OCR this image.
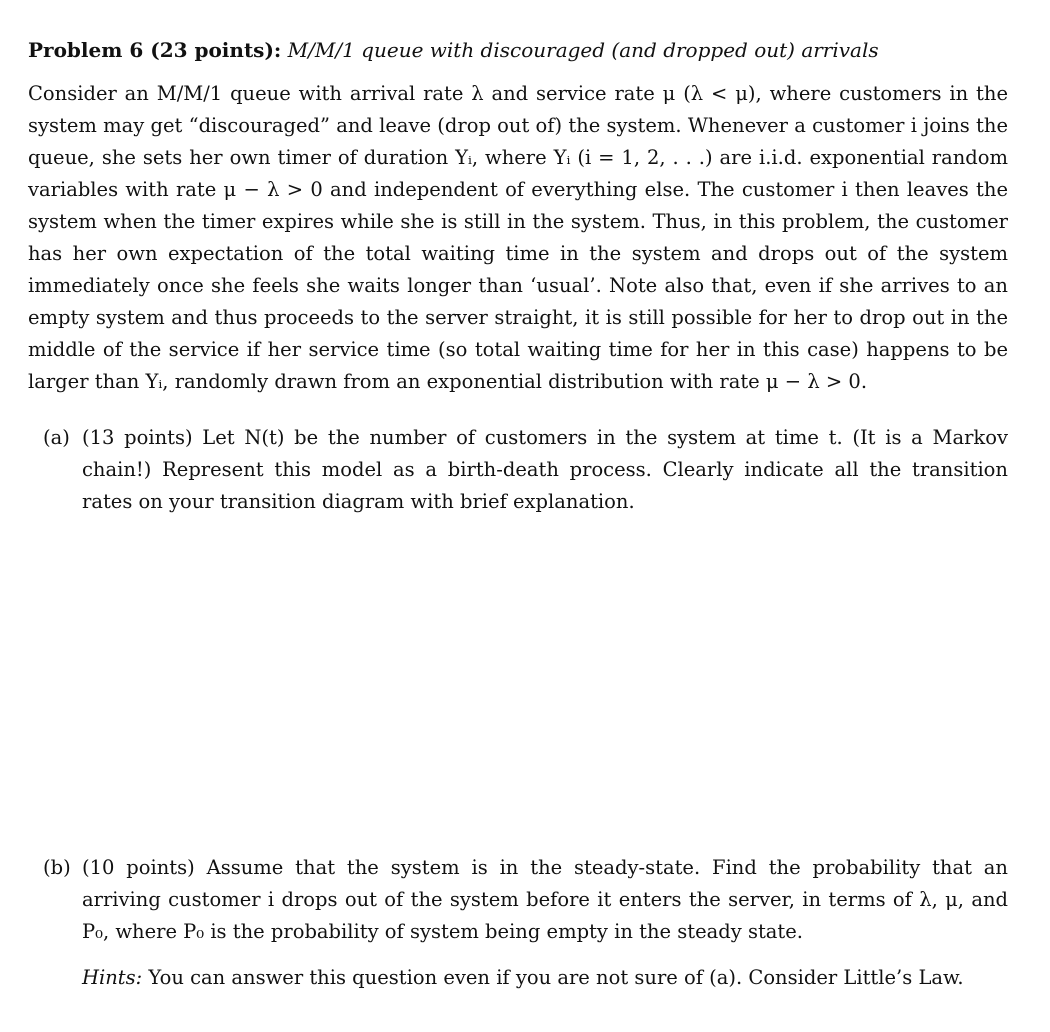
Problem 6 (23 points): M/M/1 queue with discouraged (and dropped out) arrivals
Consider an M/M/1 queue with arrival rate λ and service rate μ (λ < μ), where customers in the system may get “discouraged” and leave (drop out of) the system. Whenever a customer i joins the queue, she sets her own timer of duration Yᵢ, where Yᵢ (i = 1, 2, . . .) are i.i.d. exponential random variables with rate μ − λ > 0 and independent of everything else. The customer i then leaves the system when the timer expires while she is still in the system. Thus, in this problem, the customer has her own expectation of the total waiting time in the system and drops out of the system immediately once she feels she waits longer than ‘usual’. Note also that, even if she arrives to an empty system and thus proceeds to the server straight, it is still possible for her to drop out in the middle of the service if her service time (so total waiting time for her in this case) happens to be larger than Yᵢ, randomly drawn from an exponential distribution with rate μ − λ > 0.
(a) (13 points) Let N(t) be the number of customers in the system at time t. (It is a Markov chain!) Represent this model as a birth-death process. Clearly indicate all the transition rates on your transition diagram with brief explanation.
(b) (10 points) Assume that the system is in the steady-state. Find the probability that an arriving customer i drops out of the system before it enters the server, in terms of λ, μ, and P₀, where P₀ is the probability of system being empty in the steady state.
Hints: You can answer this question even if you are not sure of (a). Consider Little’s Law.
